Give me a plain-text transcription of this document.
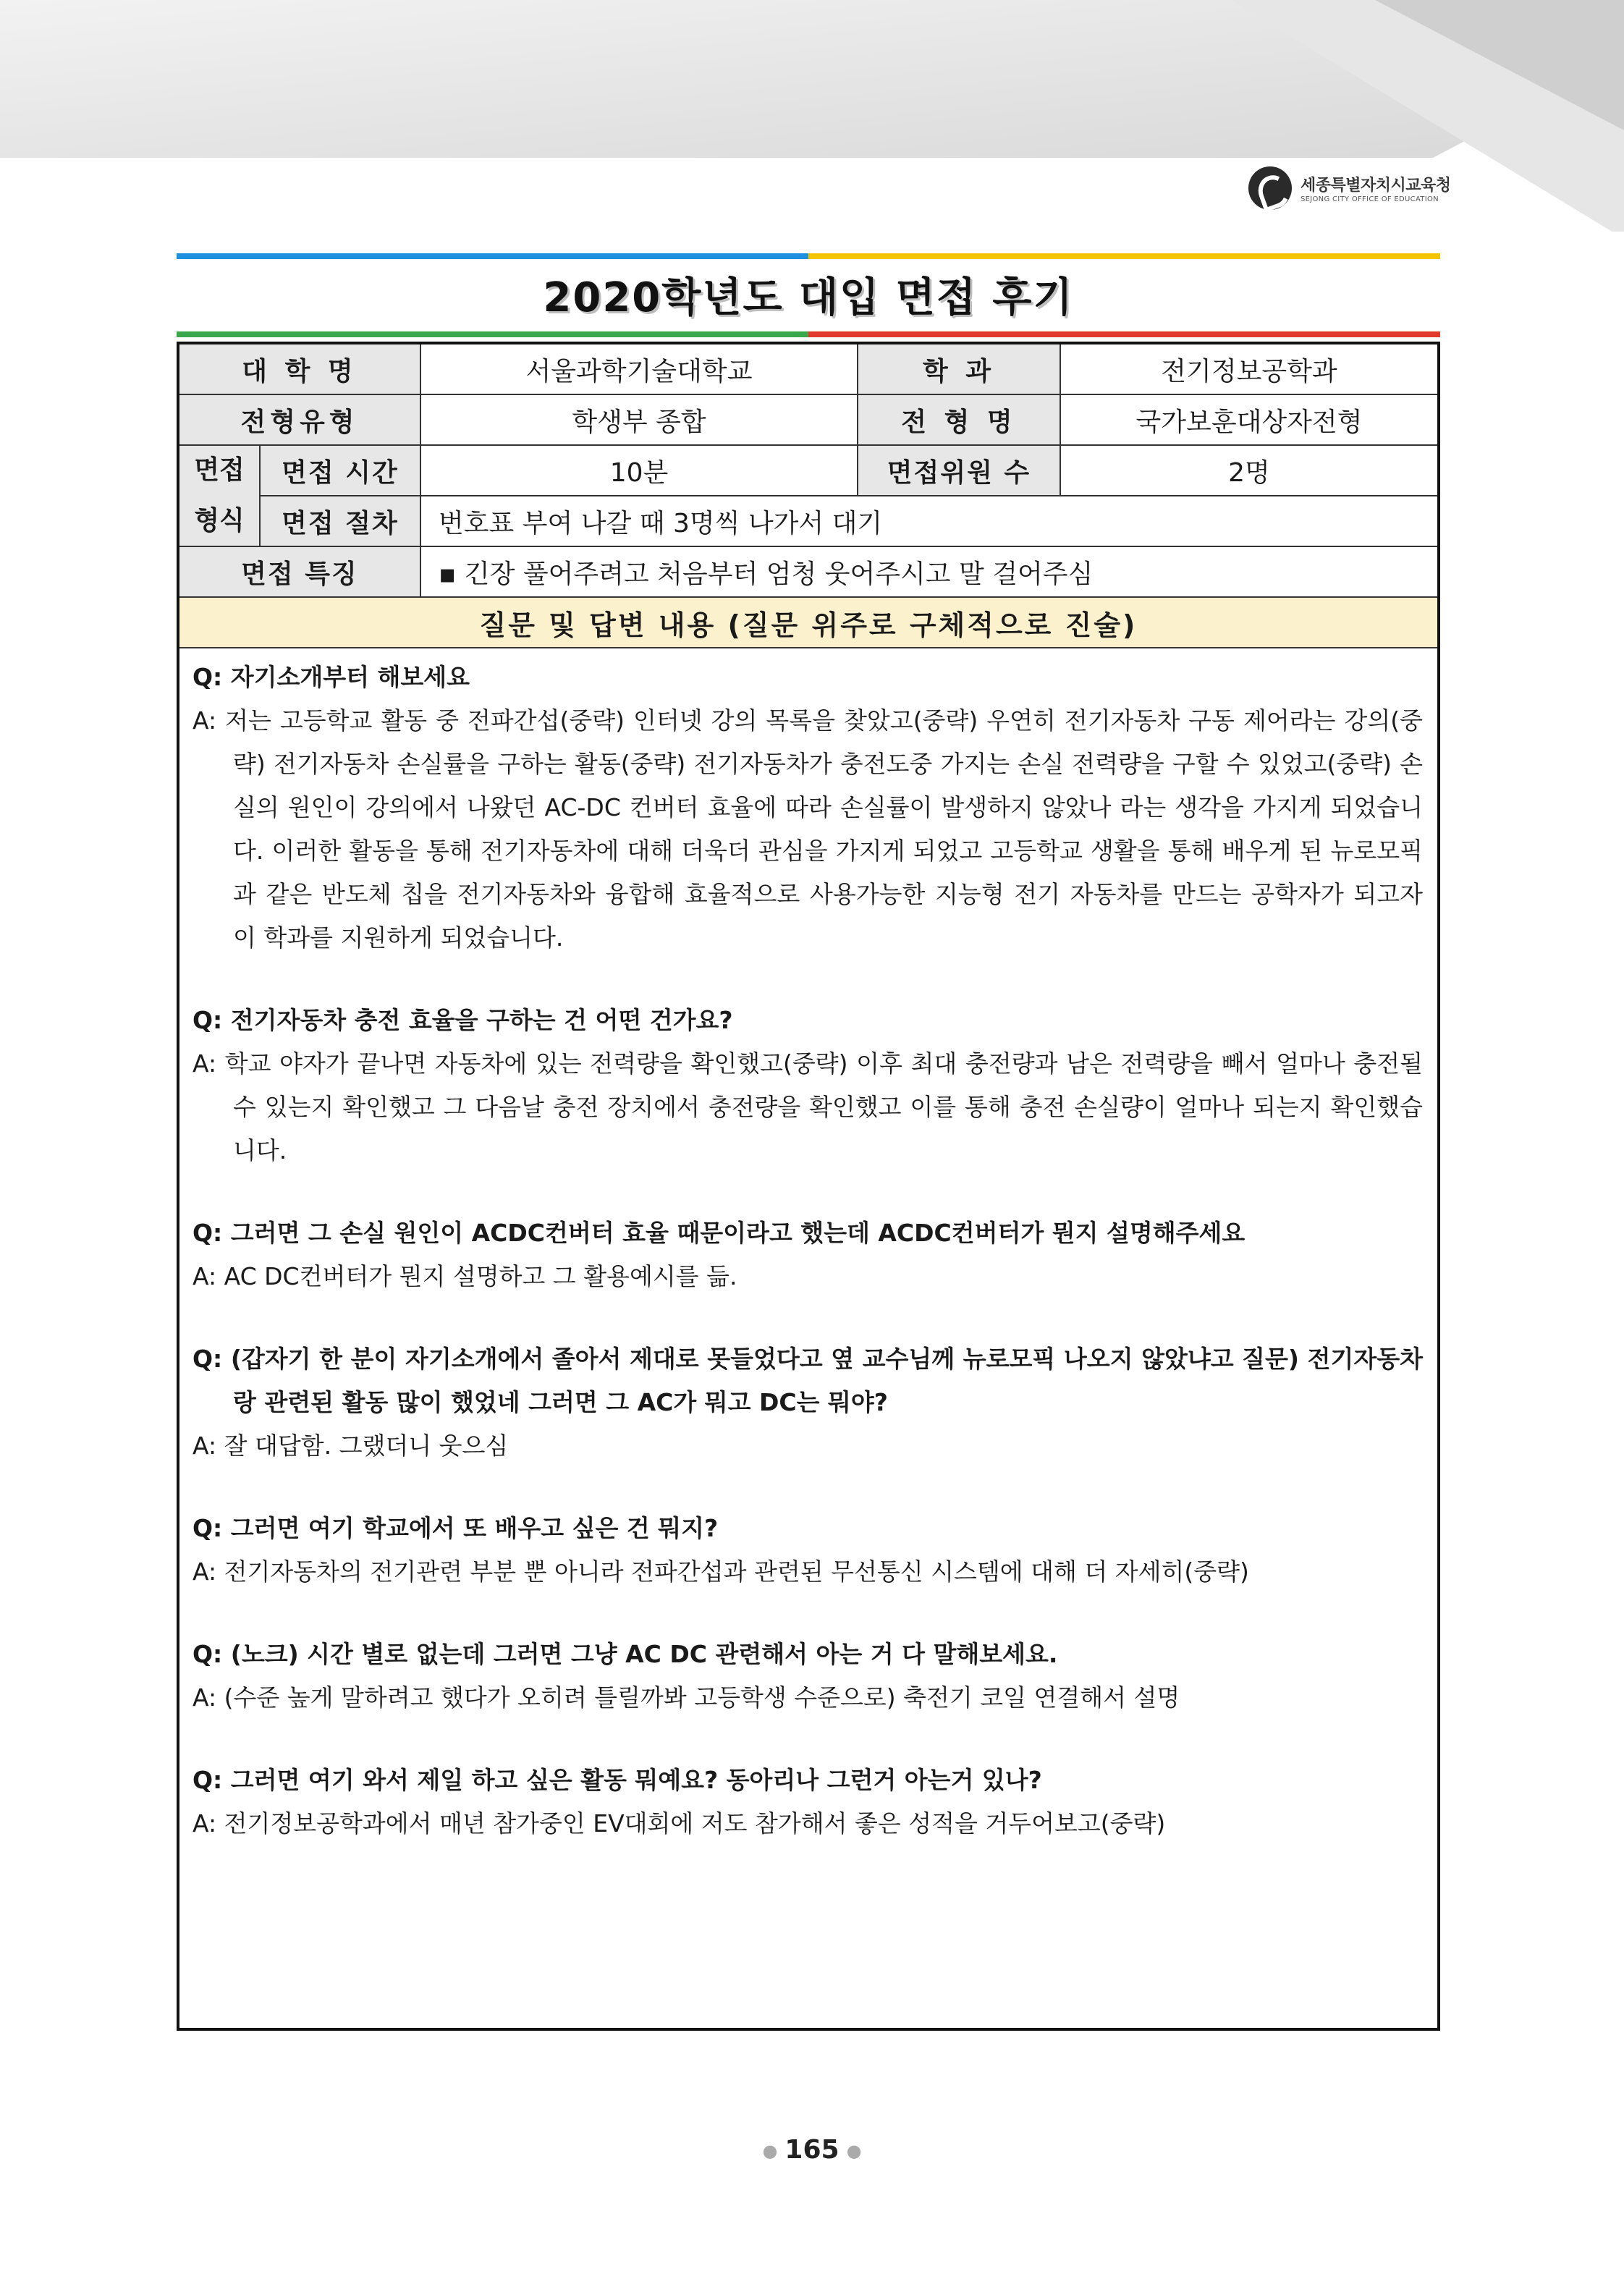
세종특별자치시교육청
SEJONG CITY OFFICE OF EDUCATION
2020학년도 대입 면접 후기
대 학 명	서울과학기술대학교	학 과	전기정보공학과
전형유형	학생부 종합	전 형 명	국가보훈대상자전형
면접
형식
면접 시간	10분	면접위원 수	2명
면접 절차	번호표 부여 나갈 때 3명씩 나가서 대기
면접 특징	▪ 긴장 풀어주려고 처음부터 엄청 웃어주시고 말 걸어주심
질문 및 답변 내용 (질문 위주로 구체적으로 진술)
Q: 자기소개부터 해보세요
A: 저는 고등학교 활동 중 전파간섭(중략) 인터넷 강의 목록을 찾았고(중략) 우연히 전기자동차 구동 제어라는 강의(중략) 전기자동차 손실률을 구하는 활동(중략) 전기자동차가 충전도중 가지는 손실 전력량을 구할 수 있었고(중략) 손실의 원인이 강의에서 나왔던 AC-DC 컨버터 효율에 따라 손실률이 발생하지 않았나 라는 생각을 가지게 되었습니다. 이러한 활동을 통해 전기자동차에 대해 더욱더 관심을 가지게 되었고 고등학교 생활을 통해 배우게 된 뉴로모픽과 같은 반도체 칩을 전기자동차와 융합해 효율적으로 사용가능한 지능형 전기 자동차를 만드는 공학자가 되고자 이 학과를 지원하게 되었습니다.
Q: 전기자동차 충전 효율을 구하는 건 어떤 건가요?
A: 학교 야자가 끝나면 자동차에 있는 전력량을 확인했고(중략) 이후 최대 충전량과 남은 전력량을 빼서 얼마나 충전될 수 있는지 확인했고 그 다음날 충전 장치에서 충전량을 확인했고 이를 통해 충전 손실량이 얼마나 되는지 확인했습니다.
Q: 그러면 그 손실 원인이 ACDC컨버터 효율 때문이라고 했는데 ACDC컨버터가 뭔지 설명해주세요
A: AC DC컨버터가 뭔지 설명하고 그 활용예시를 듦.
Q: (갑자기 한 분이 자기소개에서 졸아서 제대로 못들었다고 옆 교수님께 뉴로모픽 나오지 않았냐고 질문) 전기자동차랑 관련된 활동 많이 했었네 그러면 그 AC가 뭐고 DC는 뭐야?
A: 잘 대답함. 그랬더니 웃으심
Q: 그러면 여기 학교에서 또 배우고 싶은 건 뭐지?
A: 전기자동차의 전기관련 부분 뿐 아니라 전파간섭과 관련된 무선통신 시스템에 대해 더 자세히(중략)
Q: (노크) 시간 별로 없는데 그러면 그냥 AC DC 관련해서 아는 거 다 말해보세요.
A: (수준 높게 말하려고 했다가 오히려 틀릴까봐 고등학생 수준으로) 축전기 코일 연결해서 설명
Q: 그러면 여기 와서 제일 하고 싶은 활동 뭐예요? 동아리나 그런거 아는거 있나?
A: 전기정보공학과에서 매년 참가중인 EV대회에 저도 참가해서 좋은 성적을 거두어보고(중략)
● 165 ●
